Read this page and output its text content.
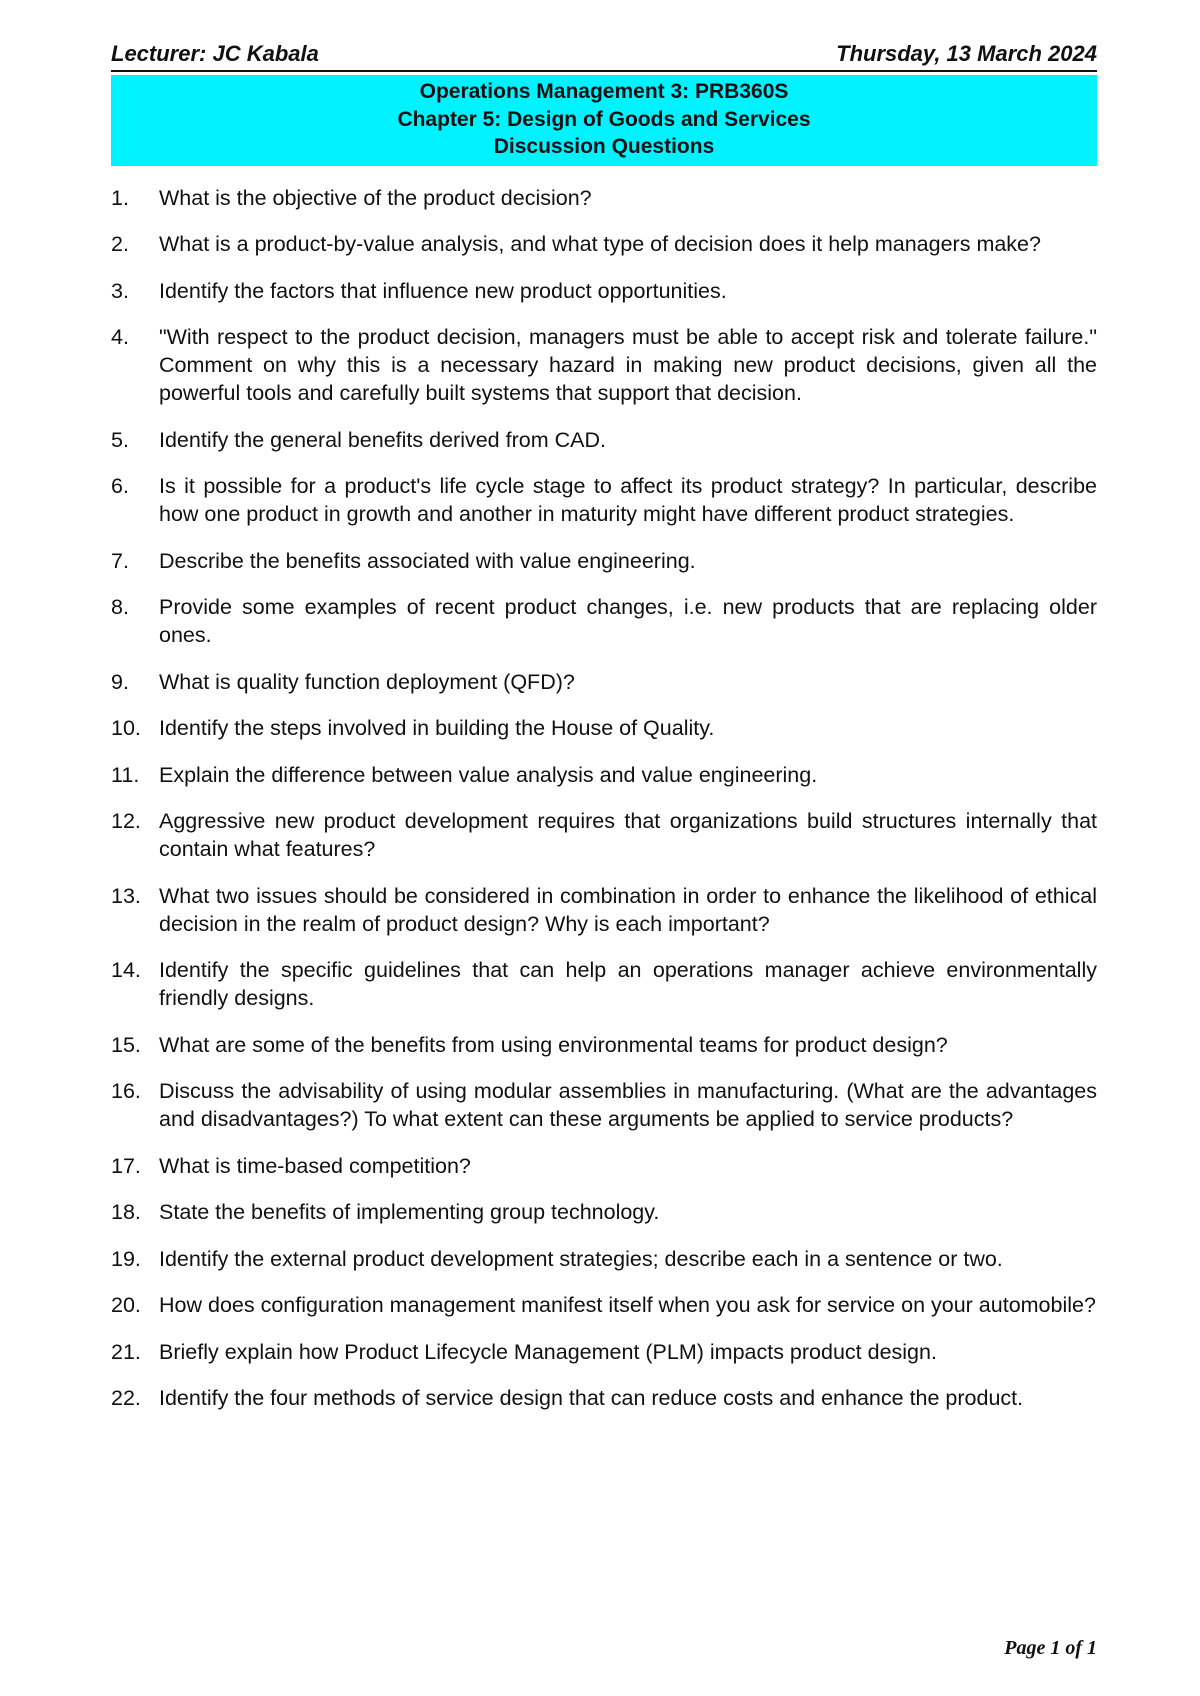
Lecturer: JC Kabala	Thursday, 13 March 2024
Operations Management 3: PRB360S
Chapter 5: Design of Goods and Services
Discussion Questions
1.	What is the objective of the product decision?
2.	What is a product-by-value analysis, and what type of decision does it help managers make?
3.	Identify the factors that influence new product opportunities.
4.	"With respect to the product decision, managers must be able to accept risk and tolerate failure." Comment on why this is a necessary hazard in making new product decisions, given all the powerful tools and carefully built systems that support that decision.
5.	Identify the general benefits derived from CAD.
6.	Is it possible for a product's life cycle stage to affect its product strategy? In particular, describe how one product in growth and another in maturity might have different product strategies.
7.	Describe the benefits associated with value engineering.
8.	Provide some examples of recent product changes, i.e. new products that are replacing older ones.
9.	What is quality function deployment (QFD)?
10. Identify the steps involved in building the House of Quality.
11. Explain the difference between value analysis and value engineering.
12. Aggressive new product development requires that organizations build structures internally that contain what features?
13. What two issues should be considered in combination in order to enhance the likelihood of ethical decision in the realm of product design? Why is each important?
14. Identify the specific guidelines that can help an operations manager achieve environmentally friendly designs.
15. What are some of the benefits from using environmental teams for product design?
16. Discuss the advisability of using modular assemblies in manufacturing. (What are the advantages and disadvantages?) To what extent can these arguments be applied to service products?
17. What is time-based competition?
18. State the benefits of implementing group technology.
19. Identify the external product development strategies; describe each in a sentence or two.
20. How does configuration management manifest itself when you ask for service on your automobile?
21. Briefly explain how Product Lifecycle Management (PLM) impacts product design.
22. Identify the four methods of service design that can reduce costs and enhance the product.
Page 1 of 1
